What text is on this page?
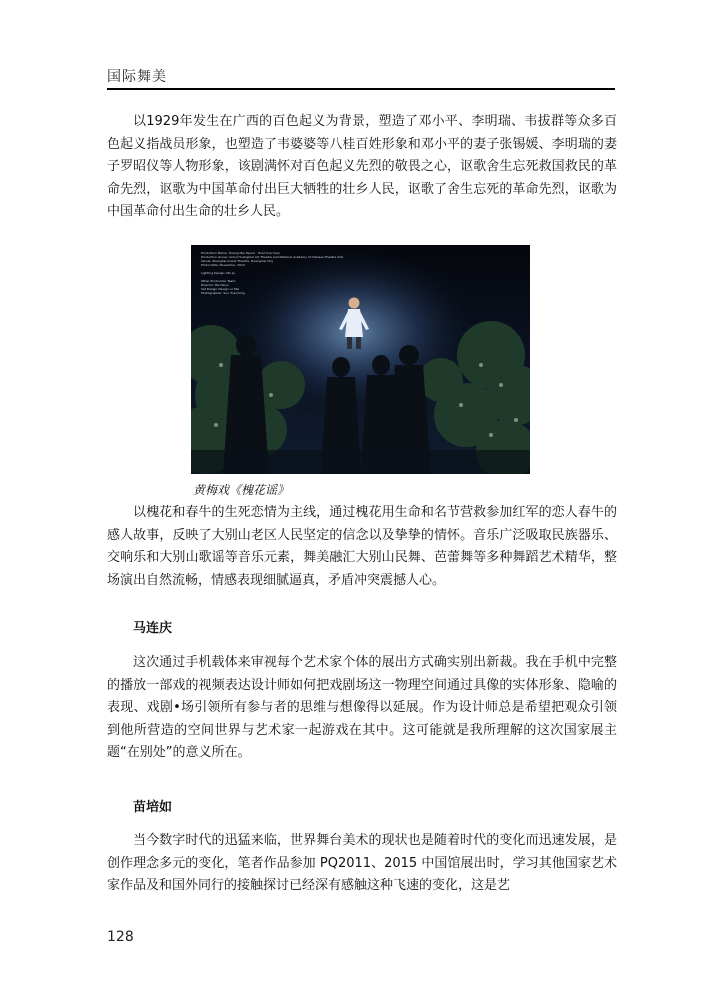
国际舞美

以1929年发生在广西的百色起义为背景，塑造了邓小平、李明瑞、韦拔群等众多百色起义指战员形象，也塑造了韦婆婆等八桂百姓形象和邓小平的妻子张锡媛、李明瑞的妻子罗昭仪等人物形象，该剧满怀对百色起义先烈的敬畏之心，讴歌舍生忘死救国救民的革命先烈，讴歌为中国革命付出巨大牺牲的壮乡人民，讴歌了舍生忘死的革命先烈，讴歌为中国革命付出生命的壮乡人民。

Production Name: Huang Mei Opera · Huai Hua Yuan
Production Group: Anhui Huangmei Art Theatre and National Academy of Chinese Theatre Arts
Venue: Shanghai Grand Theatre, Huangmei City
Photo Date: November, 2014
Lighting Design: Ma Ly
Other Production Team:
Director: Pei Haiyo
Set Design Design: Li Mei
Photographer: Sun Yuanming
黄梅戏《槐花谣》

以槐花和春牛的生死恋情为主线，通过槐花用生命和名节营救参加红军的恋人春牛的感人故事，反映了大别山老区人民坚定的信念以及挚挚的情怀。音乐广泛吸取民族器乐、交响乐和大别山歌谣等音乐元素，舞美融汇大别山民舞、芭蕾舞等多种舞蹈艺术精华，整场演出自然流畅，情感表现细腻逼真，矛盾冲突震撼人心。

马连庆

这次通过手机载体来审视每个艺术家个体的展出方式确实别出新裁。我在手机中完整的播放一部戏的视频表达设计师如何把戏剧场这一物理空间通过具像的实体形象、隐喻的表现、戏剧•场引领所有参与者的思维与想像得以延展。作为设计师总是希望把观众引领到他所营造的空间世界与艺术家一起游戏在其中。这可能就是我所理解的这次国家展主题“在别处”的意义所在。

苗培如

当今数字时代的迅猛来临，世界舞台美术的现状也是随着时代的变化而迅速发展，是创作理念多元的变化，笔者作品参加 PQ2011、2015 中国馆展出时，学习其他国家艺术家作品及和国外同行的接触探讨已经深有感触这种飞速的变化，这是艺

128
